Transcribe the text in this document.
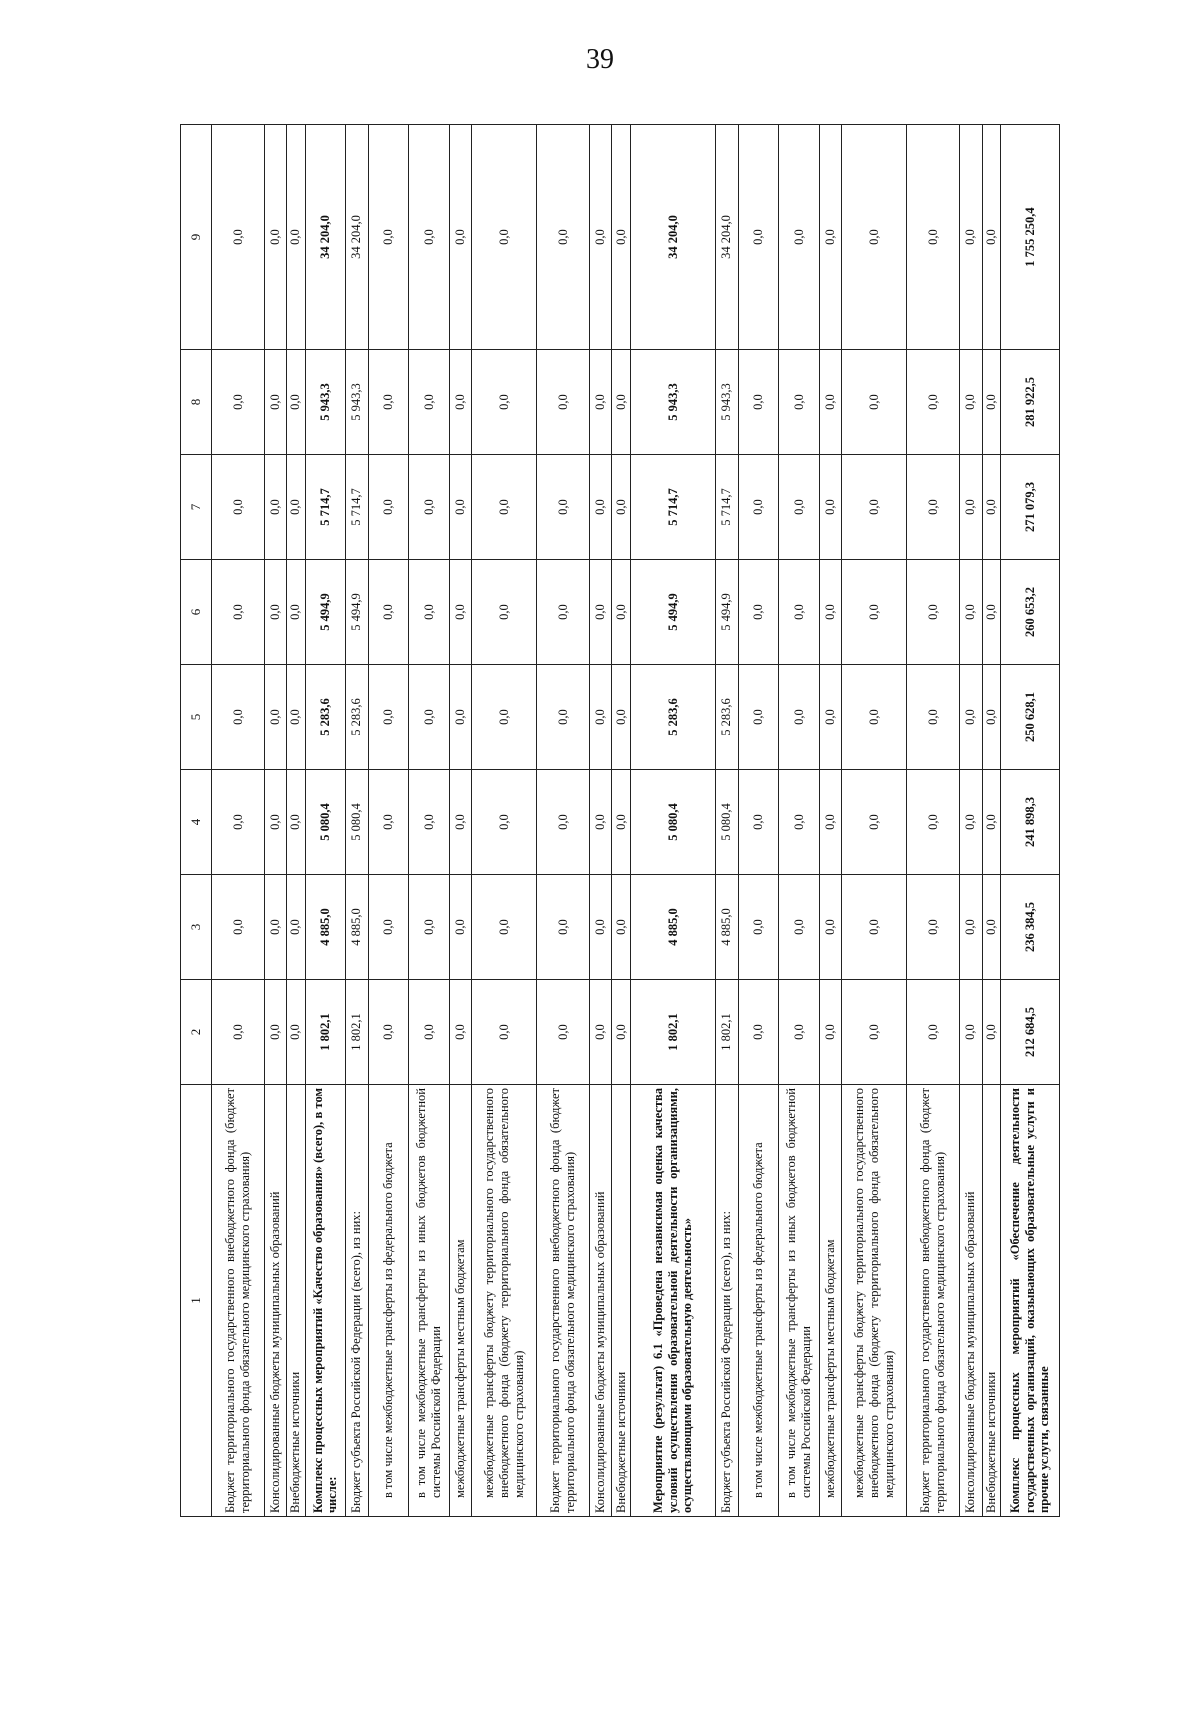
39
1	2	3	4	5	6	7	8	9
Бюджет территориального государственного внебюджетного фонда (бюджет территориального фонда обязательного медицинского страхования)	0,0	0,0	0,0	0,0	0,0	0,0	0,0	0,0
Консолидированные бюджеты муниципальных образований	0,0	0,0	0,0	0,0	0,0	0,0	0,0	0,0
Внебюджетные источники	0,0	0,0	0,0	0,0	0,0	0,0	0,0	0,0
Комплекс процессных мероприятий «Качество образования» (всего), в том числе:	1 802,1	4 885,0	5 080,4	5 283,6	5 494,9	5 714,7	5 943,3	34 204,0
Бюджет субъекта Российской Федерации (всего), из них:	1 802,1	4 885,0	5 080,4	5 283,6	5 494,9	5 714,7	5 943,3	34 204,0
в том числе межбюджетные трансферты из федерального бюджета	0,0	0,0	0,0	0,0	0,0	0,0	0,0	0,0
в том числе межбюджетные трансферты из иных бюджетов бюджетной системы Российской Федерации	0,0	0,0	0,0	0,0	0,0	0,0	0,0	0,0
межбюджетные трансферты местным бюджетам	0,0	0,0	0,0	0,0	0,0	0,0	0,0	0,0
межбюджетные трансферты бюджету территориального государственного внебюджетного фонда (бюджету территориального фонда обязательного медицинского страхования)	0,0	0,0	0,0	0,0	0,0	0,0	0,0	0,0
Бюджет территориального государственного внебюджетного фонда (бюджет территориального фонда обязательного медицинского страхования)	0,0	0,0	0,0	0,0	0,0	0,0	0,0	0,0
Консолидированные бюджеты муниципальных образований	0,0	0,0	0,0	0,0	0,0	0,0	0,0	0,0
Внебюджетные источники	0,0	0,0	0,0	0,0	0,0	0,0	0,0	0,0
Мероприятие (результат) 6.1 «Проведена независимая оценка качества условий осуществления образовательной деятельности организациями, осуществляющими образовательную деятельность»	1 802,1	4 885,0	5 080,4	5 283,6	5 494,9	5 714,7	5 943,3	34 204,0
Бюджет субъекта Российской Федерации (всего), из них:	1 802,1	4 885,0	5 080,4	5 283,6	5 494,9	5 714,7	5 943,3	34 204,0
в том числе межбюджетные трансферты из федерального бюджета	0,0	0,0	0,0	0,0	0,0	0,0	0,0	0,0
в том числе межбюджетные трансферты из иных бюджетов бюджетной системы Российской Федерации	0,0	0,0	0,0	0,0	0,0	0,0	0,0	0,0
межбюджетные трансферты местным бюджетам	0,0	0,0	0,0	0,0	0,0	0,0	0,0	0,0
межбюджетные трансферты бюджету территориального государственного внебюджетного фонда (бюджету территориального фонда обязательного медицинского страхования)	0,0	0,0	0,0	0,0	0,0	0,0	0,0	0,0
Бюджет территориального государственного внебюджетного фонда (бюджет территориального фонда обязательного медицинского страхования)	0,0	0,0	0,0	0,0	0,0	0,0	0,0	0,0
Консолидированные бюджеты муниципальных образований	0,0	0,0	0,0	0,0	0,0	0,0	0,0	0,0
Внебюджетные источники	0,0	0,0	0,0	0,0	0,0	0,0	0,0	0,0
Комплекс процессных мероприятий «Обеспечение деятельности государственных организаций, оказывающих образовательные услуги и прочие услуги, связанные	212 684,5	236 384,5	241 898,3	250 628,1	260 653,2	271 079,3	281 922,5	1 755 250,4
